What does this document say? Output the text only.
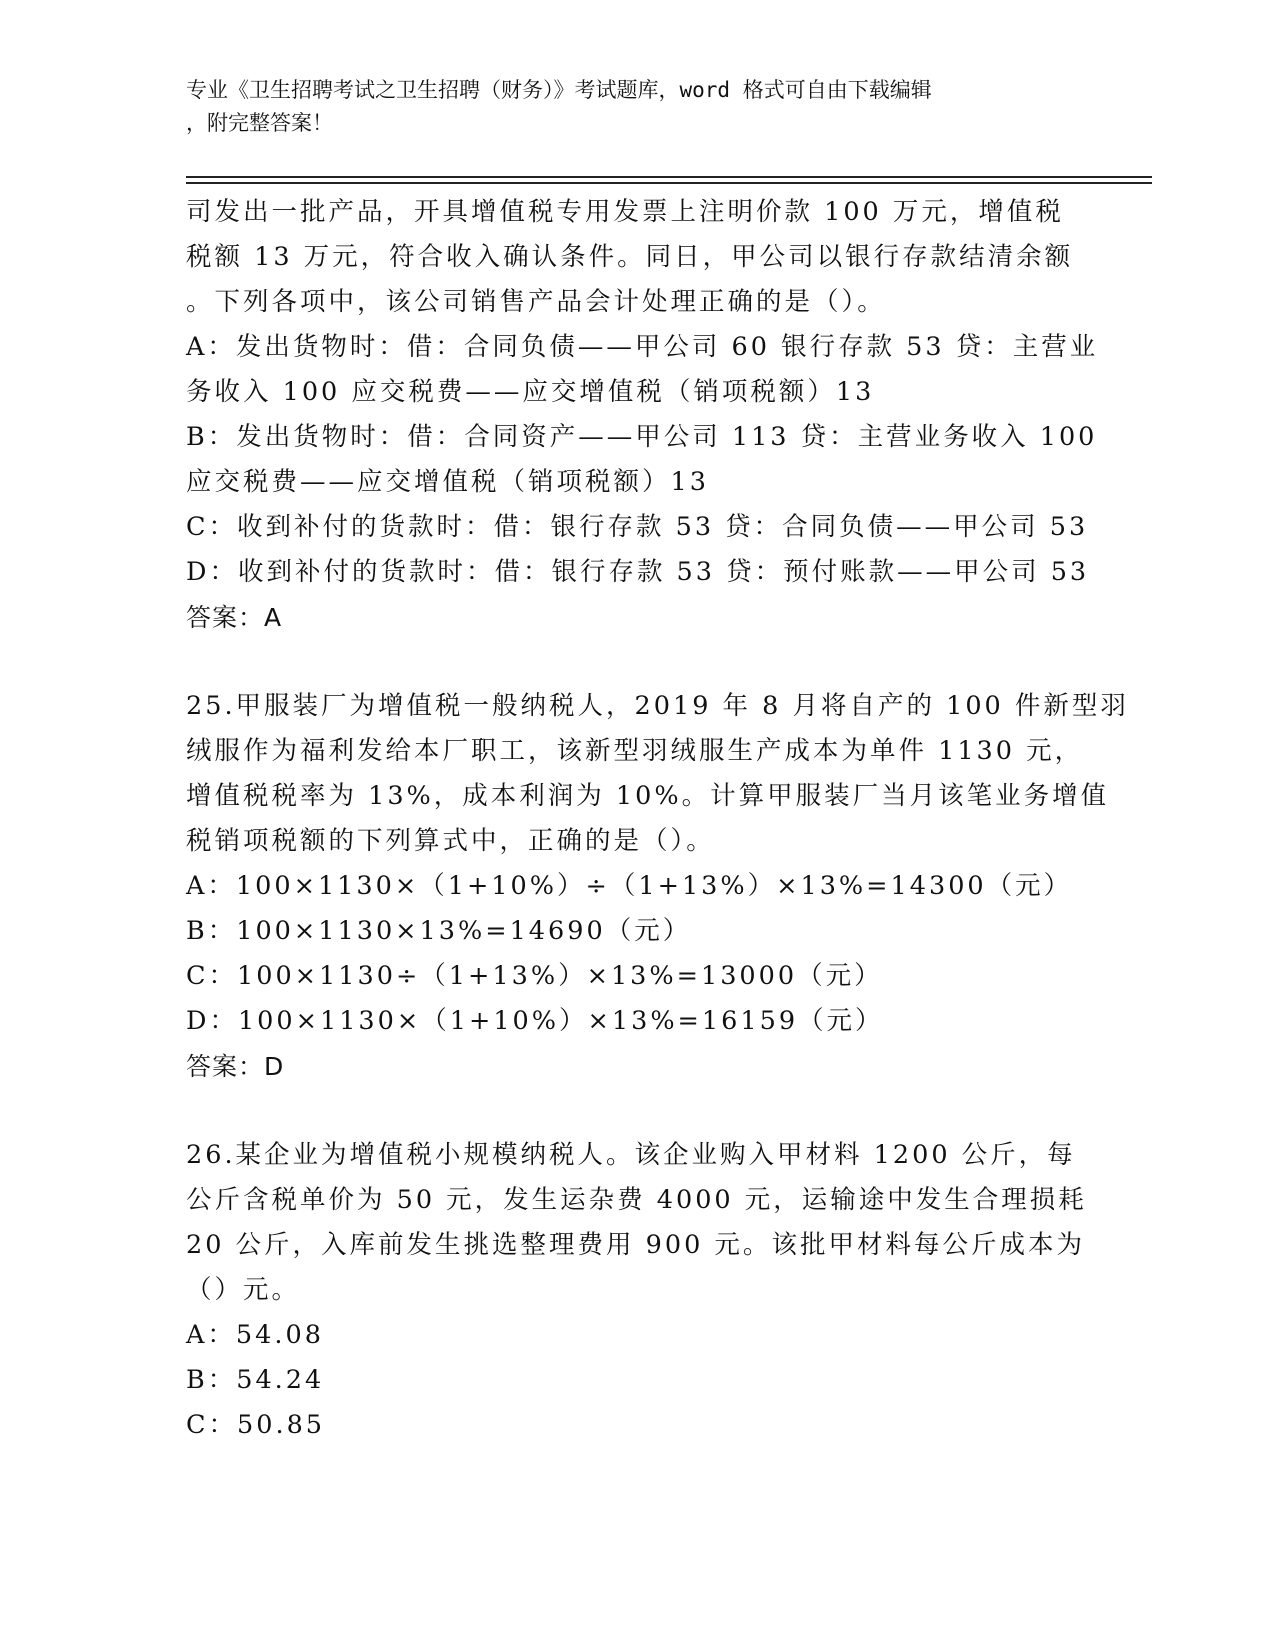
专业《卫生招聘考试之卫生招聘（财务）》考试题库，word 格式可自由下载编辑
，附完整答案！
司发出一批产品，开具增值税专用发票上注明价款 100 万元，增值税
税额 13 万元，符合收入确认条件。同日，甲公司以银行存款结清余额
。下列各项中，该公司销售产品会计处理正确的是（）。
A：发出货物时：借：合同负债——甲公司 60 银行存款 53 贷：主营业
务收入 100 应交税费——应交增值税（销项税额）13
B：发出货物时：借：合同资产——甲公司 113 贷：主营业务收入 100
应交税费——应交增值税（销项税额）13
C：收到补付的货款时：借：银行存款 53 贷：合同负债——甲公司 53
D：收到补付的货款时：借：银行存款 53 贷：预付账款——甲公司 53
答案：A
25.甲服装厂为增值税一般纳税人，2019 年 8 月将自产的 100 件新型羽
绒服作为福利发给本厂职工，该新型羽绒服生产成本为单件 1130 元，
增值税税率为 13%，成本利润为 10%。计算甲服装厂当月该笔业务增值
税销项税额的下列算式中，正确的是（）。
A：100×1130×（1+10%）÷（1+13%）×13%=14300（元）
B：100×1130×13%=14690（元）
C：100×1130÷（1+13%）×13%=13000（元）
D：100×1130×（1+10%）×13%=16159（元）
答案：D
26.某企业为增值税小规模纳税人。该企业购入甲材料 1200 公斤，每
公斤含税单价为 50 元，发生运杂费 4000 元，运输途中发生合理损耗
20 公斤，入库前发生挑选整理费用 900 元。该批甲材料每公斤成本为
（）元。
A：54.08
B：54.24
C：50.85
